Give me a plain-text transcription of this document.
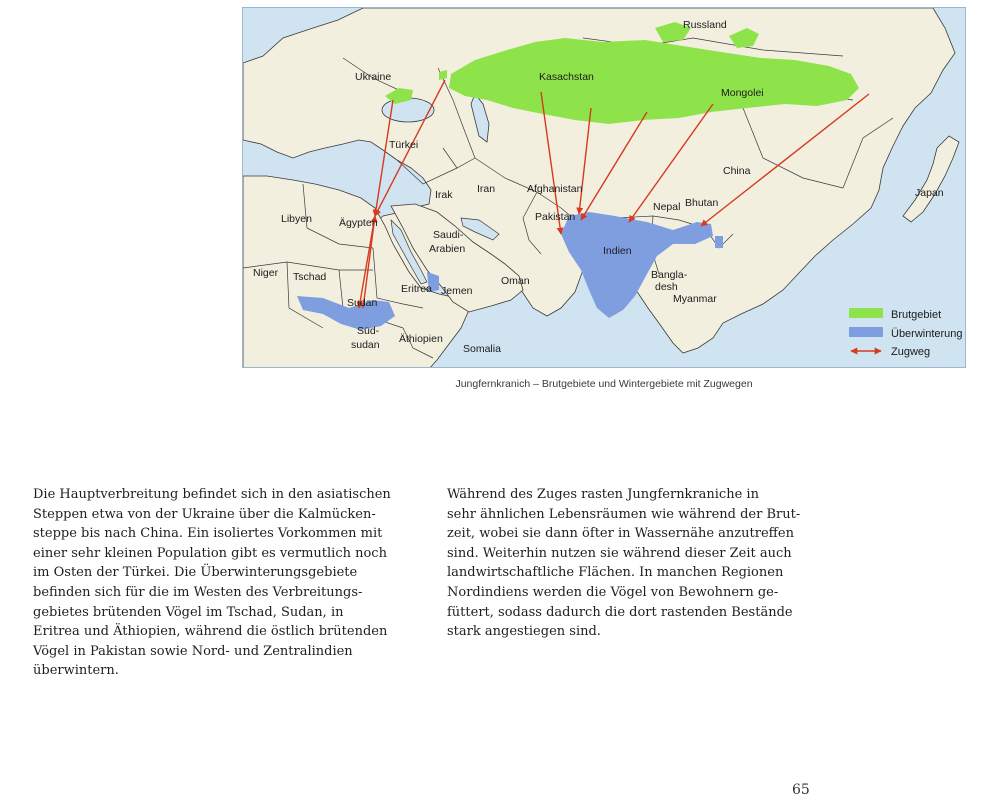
Russland
Ukraine	Kasachstan
Mongolei
Türkei
China
Japan
Irak Iran	Afghanistan
Nepal Bhutan
Libyen	Ägypten
Saudi-
Arabien
Pakistan
Indien
Bangla-
desh
Myanmar
Oman
Niger Tschad
Eritrea Jemen
Sudan
Süd-
sudan Äthiopien
Somalia
Brutgebiet
Überwinterung
Zugweg
Jungfernkranich – Brutgebiete und Wintergebiete mit Zugwegen

Die Hauptverbreitung befindet sich in den asiatischen
Steppen etwa von der Ukraine über die Kalmücken-
steppe bis nach China. Ein isoliertes Vorkommen mit
einer sehr kleinen Population gibt es vermutlich noch
im Osten der Türkei. Die Überwinterungsgebiete
befinden sich für die im Westen des Verbreitungs-
gebietes brütenden Vögel im Tschad, Sudan, in
Eritrea und Äthiopien, während die östlich brütenden
Vögel in Pakistan sowie Nord- und Zentralindien
überwintern.

Während des Zuges rasten Jungfernkraniche in
sehr ähnlichen Lebensräumen wie während der Brut-
zeit, wobei sie dann öfter in Wassernähe anzutreffen
sind. Weiterhin nutzen sie während dieser Zeit auch
landwirtschaftliche Flächen. In manchen Regionen
Nordindiens werden die Vögel von Bewohnern ge-
füttert, sodass dadurch die dort rastenden Bestände
stark angestiegen sind.

65
